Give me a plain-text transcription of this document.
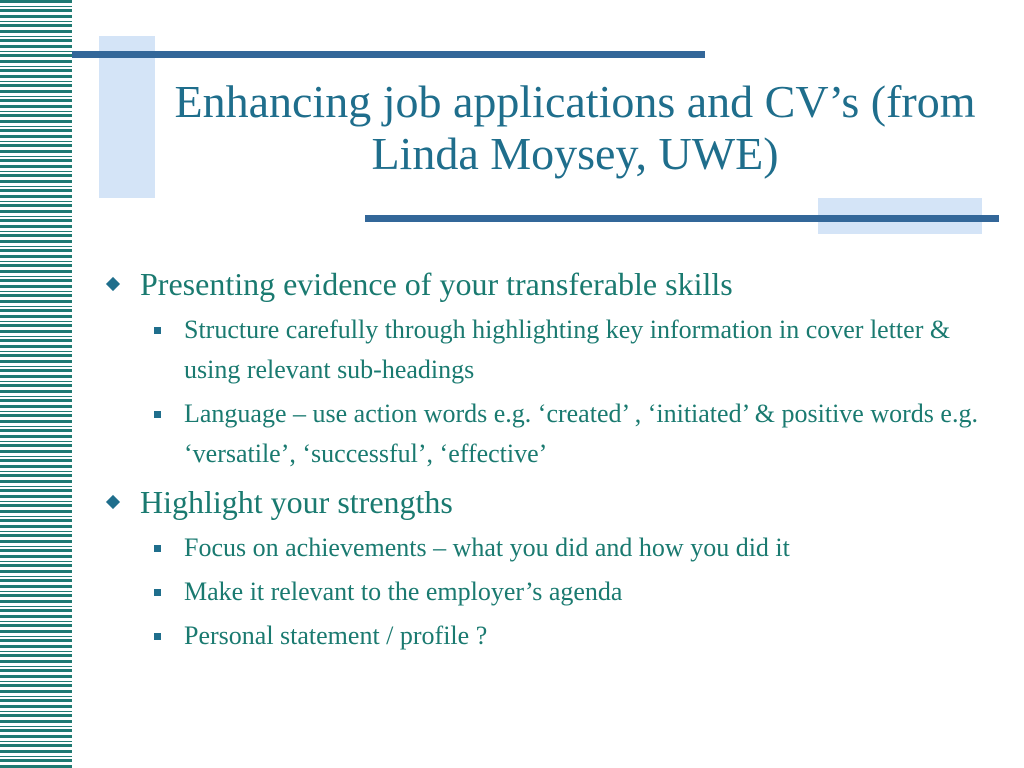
Enhancing job applications and CV’s (from Linda Moysey, UWE)
Presenting evidence of your transferable skills
Structure carefully through highlighting key information in cover letter & using relevant sub-headings
Language – use action words e.g. ‘created’ , ‘initiated’ & positive words e.g. ‘versatile’, ‘successful’, ‘effective’
Highlight your strengths
Focus on achievements – what you did and how you did it
Make it relevant to the employer’s agenda
Personal statement / profile ?
